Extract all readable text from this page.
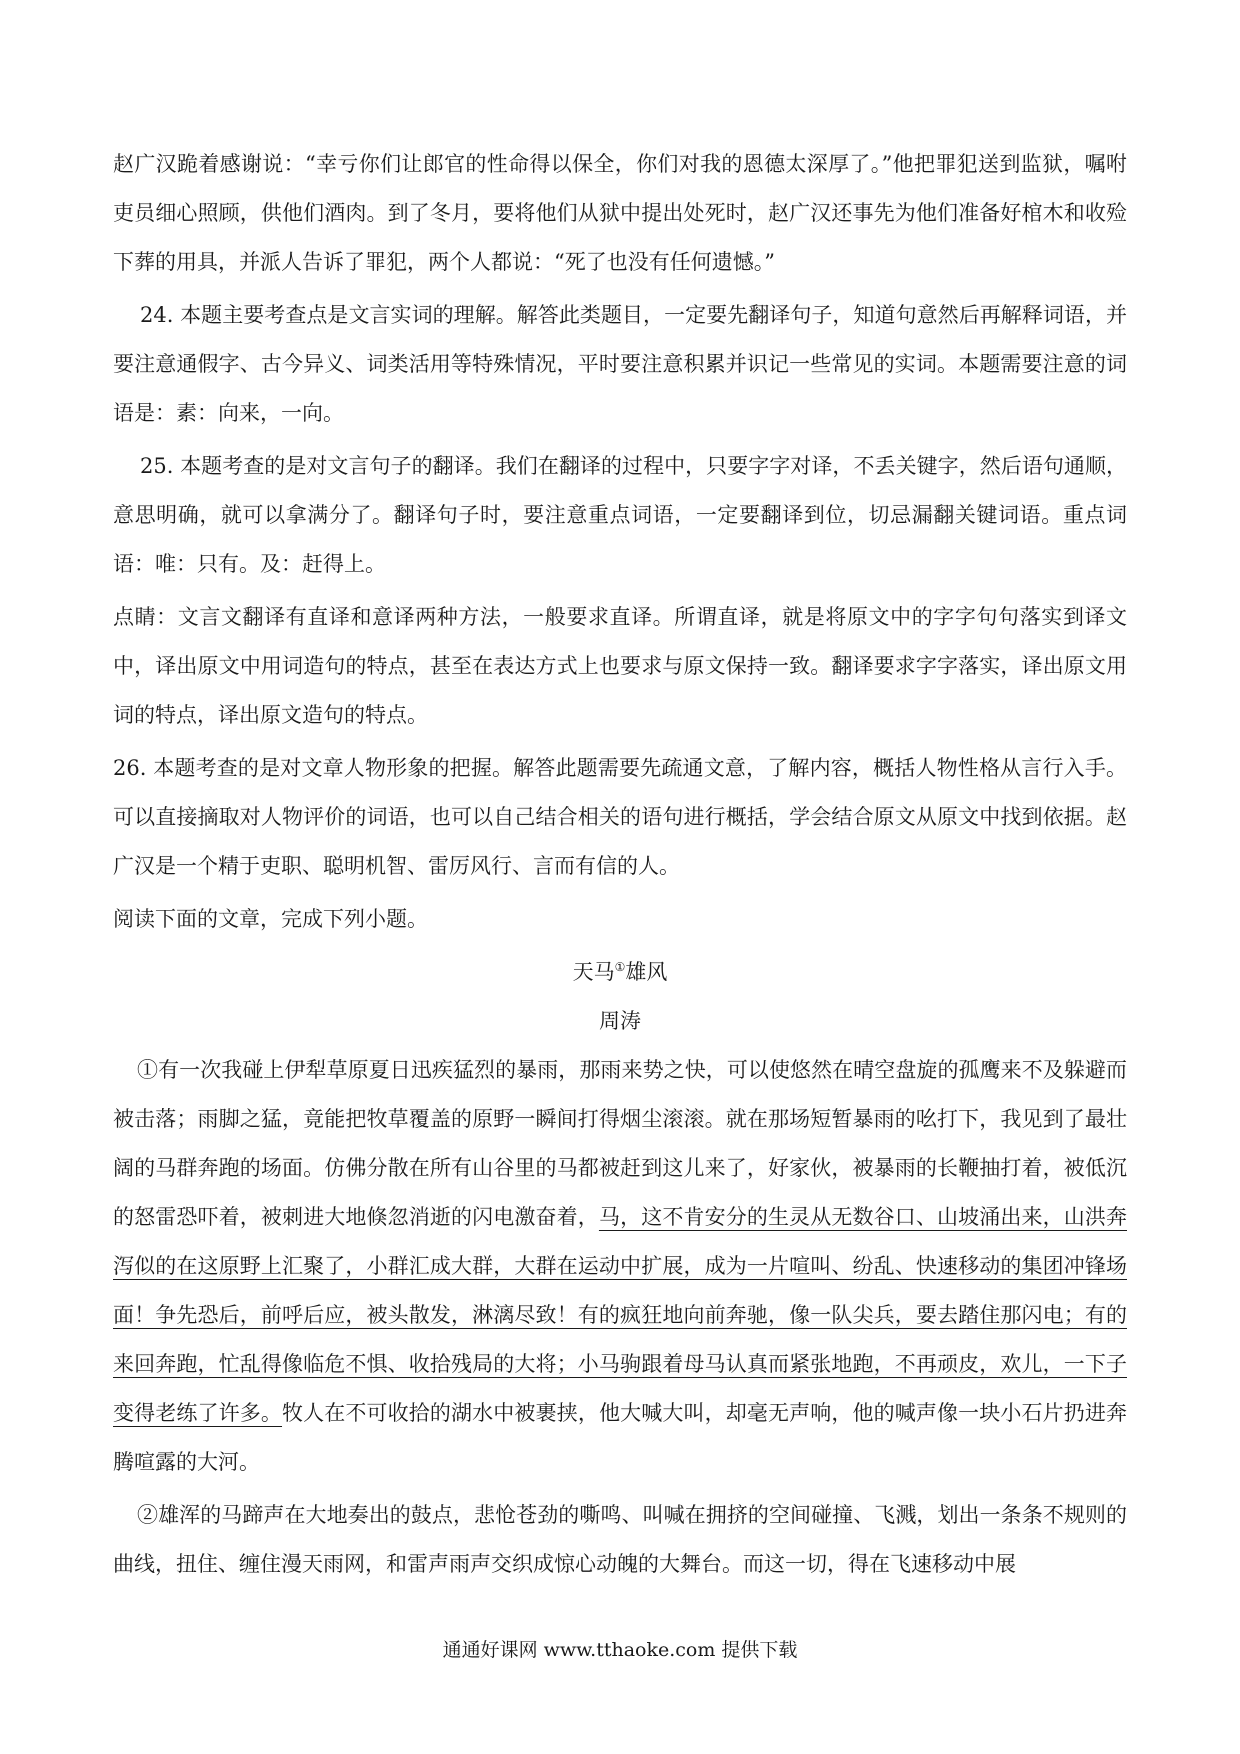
赵广汉跪着感谢说：“幸亏你们让郎官的性命得以保全，你们对我的恩德太深厚了。”他把罪犯送到监狱，嘱咐吏员细心照顾，供他们酒肉。到了冬月，要将他们从狱中提出处死时，赵广汉还事先为他们准备好棺木和收殓下葬的用具，并派人告诉了罪犯，两个人都说：“死了也没有任何遗憾。”

24. 本题主要考查点是文言实词的理解。解答此类题目，一定要先翻译句子，知道句意然后再解释词语，并要注意通假字、古今异义、词类活用等特殊情况，平时要注意积累并识记一些常见的实词。本题需要注意的词语是：素：向来，一向。

25. 本题考查的是对文言句子的翻译。我们在翻译的过程中，只要字字对译，不丢关键字，然后语句通顺，意思明确，就可以拿满分了。翻译句子时，要注意重点词语，一定要翻译到位，切忌漏翻关键词语。重点词语：唯：只有。及：赶得上。

点睛：文言文翻译有直译和意译两种方法，一般要求直译。所谓直译，就是将原文中的字字句句落实到译文中，译出原文中用词造句的特点，甚至在表达方式上也要求与原文保持一致。翻译要求字字落实，译出原文用词的特点，译出原文造句的特点。

26. 本题考查的是对文章人物形象的把握。解答此题需要先疏通文意，了解内容，概括人物性格从言行入手。可以直接摘取对人物评价的词语，也可以自己结合相关的语句进行概括，学会结合原文从原文中找到依据。赵广汉是一个精于吏职、聪明机智、雷厉风行、言而有信的人。

阅读下面的文章，完成下列小题。

天马①雄风

周涛

①有一次我碰上伊犁草原夏日迅疾猛烈的暴雨，那雨来势之快，可以使悠然在晴空盘旋的孤鹰来不及躲避而被击落；雨脚之猛，竟能把牧草覆盖的原野一瞬间打得烟尘滚滚。就在那场短暂暴雨的吆打下，我见到了最壮阔的马群奔跑的场面。仿佛分散在所有山谷里的马都被赶到这儿来了，好家伙，被暴雨的长鞭抽打着，被低沉的怒雷恐吓着，被刺进大地倏忽消逝的闪电激奋着，马，这不肯安分的生灵从无数谷口、山坡涌出来，山洪奔泻似的在这原野上汇聚了，小群汇成大群，大群在运动中扩展，成为一片喧叫、纷乱、快速移动的集团冲锋场面！争先恐后，前呼后应，被头散发，淋漓尽致！有的疯狂地向前奔驰，像一队尖兵，要去踏住那闪电；有的来回奔跑，忙乱得像临危不惧、收拾残局的大将；小马驹跟着母马认真而紧张地跑，不再顽皮，欢儿，一下子变得老练了许多。牧人在不可收拾的湖水中被裹挟，他大喊大叫，却毫无声响，他的喊声像一块小石片扔进奔腾喧露的大河。

②雄浑的马蹄声在大地奏出的鼓点，悲怆苍劲的嘶鸣、叫喊在拥挤的空间碰撞、飞溅，划出一条条不规则的曲线，扭住、缠住漫天雨网，和雷声雨声交织成惊心动魄的大舞台。而这一切，得在飞速移动中展

通通好课网 www.tthaoke.com 提供下载
